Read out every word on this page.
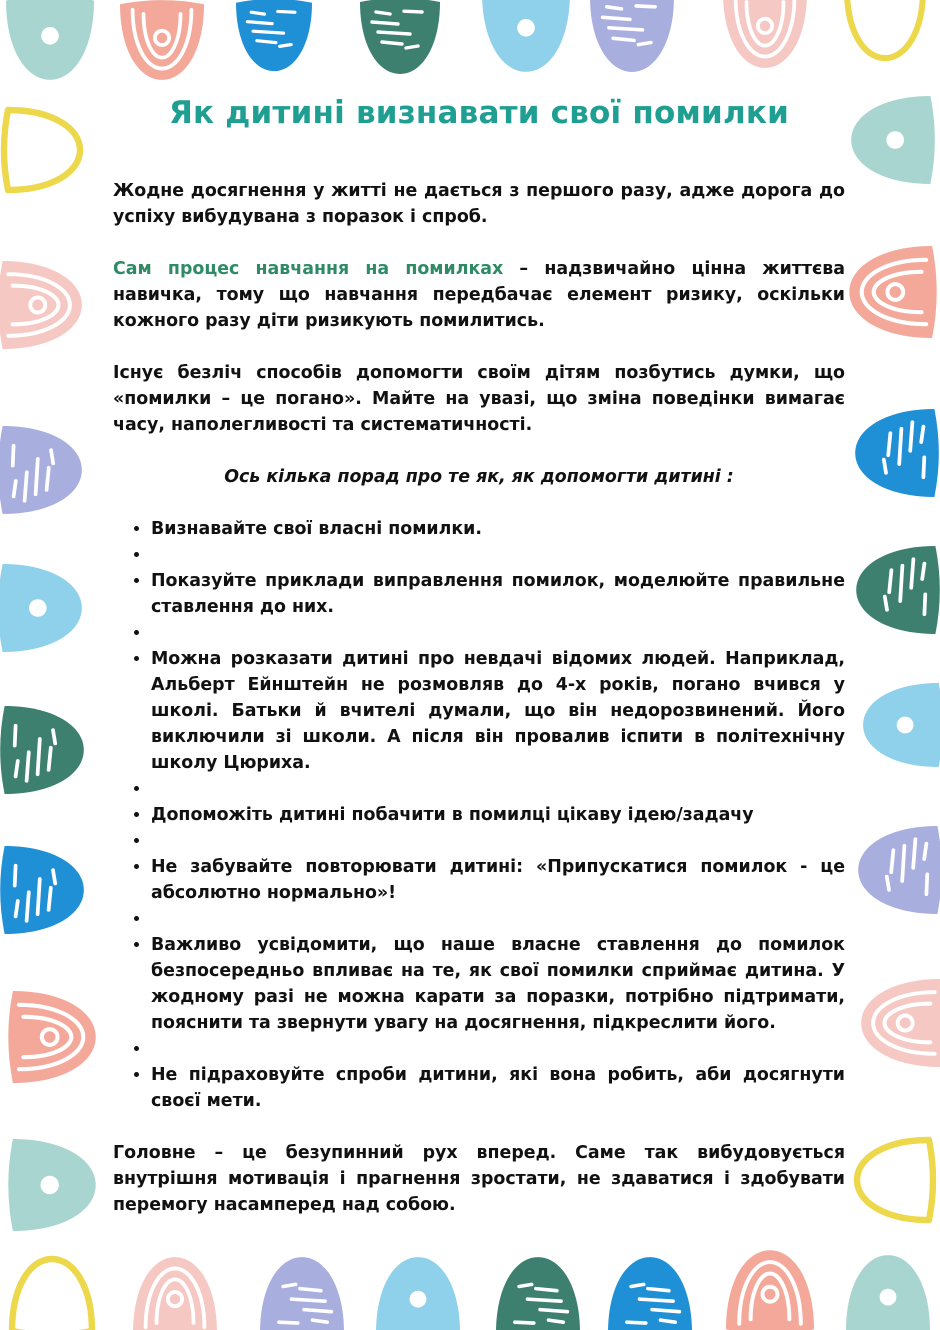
Як дитині визнавати свої помилки

Жодне досягнення у житті не дається з першого разу, адже дорога до успіху вибудувана з поразок і спроб.

Сам процес навчання на помилках – надзвичайно цінна життєва навичка, тому що навчання передбачає елемент ризику, оскільки кожного разу діти ризикують помилитись.

Існує безліч способів допомогти своїм дітям позбутись думки, що «помилки – це погано». Майте на увазі, що зміна поведінки вимагає часу, наполегливості та систематичності.

Ось кілька порад про те як, як допомогти дитині :
• Визнавайте свої власні помилки.
•
• Показуйте приклади виправлення помилок, моделюйте правильне ставлення до них.
•
• Можна розказати дитині про невдачі відомих людей. Наприклад, Альберт Ейнштейн не розмовляв до 4-х років, погано вчився у школі. Батьки й вчителі думали, що він недорозвинений. Його виключили зі школи. А після він провалив іспити в політехнічну школу Цюриха.
•
• Допоможіть дитині побачити в помилці цікаву ідею/задачу
•
• Не забувайте повторювати дитині: «Припускатися помилок - це абсолютно нормально»!
•
• Важливо усвідомити, що наше власне ставлення до помилок безпосередньо впливає на те, як свої помилки сприймає дитина. У жодному разі не можна карати за поразки, потрібно підтримати, пояснити та звернути увагу на досягнення, підкреслити його.
•
• Не підраховуйте спроби дитини, які вона робить, аби досягнути своєї мети.

Головне – це безупинний рух вперед. Саме так вибудовується внутрішня мотивація і прагнення зростати, не здаватися і здобувати перемогу насамперед над собою.
